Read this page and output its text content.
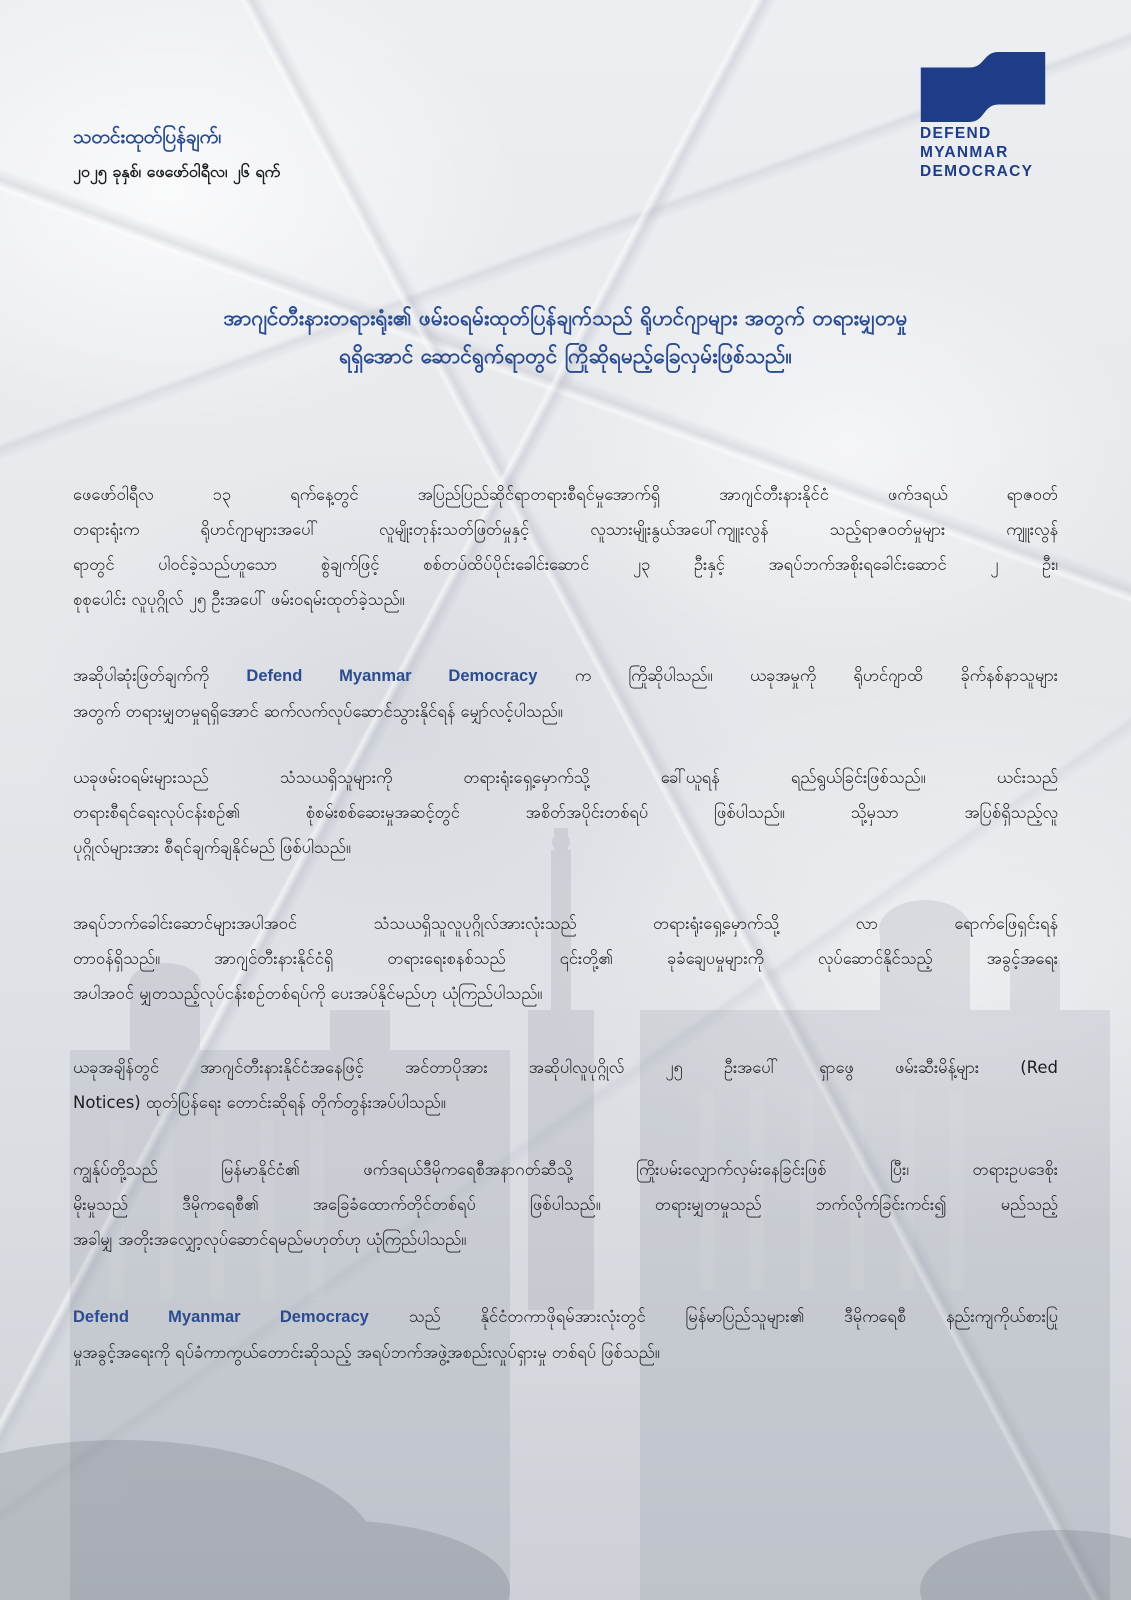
သတင်းထုတ်ပြန်ချက်၊
၂၀၂၅ ခုနှစ်၊ ဖေဖော်ဝါရီလ၊ ၂၆ ရက်
DEFEND
MYANMAR
DEMOCRACY
အာဂျင်တီးနားတရားရုံး၏ ဖမ်းဝရမ်းထုတ်ပြန်ချက်သည် ရိုဟင်ဂျာများ အတွက် တရားမျှတမှု
ရရှိအောင် ဆောင်ရွက်ရာတွင် ကြိုဆိုရမည့်ခြေလှမ်းဖြစ်သည်။
ဖေဖော်ဝါရီလ ၁၃ ရက်နေ့တွင် အပြည်ပြည်ဆိုင်ရာတရားစီရင်မှုအောက်ရှိ အာဂျင်တီးနားနိုင်ငံ ဖက်ဒရယ် ရာဇဝတ်
တရားရုံးက ရိုဟင်ဂျာများအပေါ် လူမျိုးတုန်းသတ်ဖြတ်မှုနှင့် လူသားမျိုးနွယ်အပေါ်ကျူးလွန် သည့်ရာဇဝတ်မှုများ ကျူးလွန်
ရာတွင် ပါဝင်ခဲ့သည်ဟူသော စွဲချက်ဖြင့် စစ်တပ်ထိပ်ပိုင်းခေါင်းဆောင် ၂၃ ဦးနှင့် အရပ်ဘက်အစိုးရခေါင်းဆောင် ၂ ဦး၊
စုစုပေါင်း လူပုဂ္ဂိုလ် ၂၅ ဦးအပေါ် ဖမ်းဝရမ်းထုတ်ခဲ့သည်။
အဆိုပါဆုံးဖြတ်ချက်ကို Defend Myanmar Democracy က ကြိုဆိုပါသည်။ ယခုအမှုကို ရိုဟင်ဂျာထိ ခိုက်နစ်နာသူများ
အတွက် တရားမျှတမှုရရှိအောင် ဆက်လက်လုပ်ဆောင်သွားနိုင်ရန် မျှော်လင့်ပါသည်။
ယခုဖမ်းဝရမ်းများသည် သံသယရှိသူများကို တရားရုံးရှေ့မှောက်သို့ ခေါ်ယူရန် ရည်ရွယ်ခြင်းဖြစ်သည်။ ယင်းသည်
တရားစီရင်ရေးလုပ်ငန်းစဉ်၏ စုံစမ်းစစ်ဆေးမှုအဆင့်တွင် အစိတ်အပိုင်းတစ်ရပ် ဖြစ်ပါသည်။ သို့မှသာ အပြစ်ရှိသည့်လူ
ပုဂ္ဂိုလ်များအား စီရင်ချက်ချနိုင်မည် ဖြစ်ပါသည်။
အရပ်ဘက်ခေါင်းဆောင်များအပါအဝင် သံသယရှိသူလူပုဂ္ဂိုလ်အားလုံးသည် တရားရုံးရှေ့မှောက်သို့ လာ ရောက်ဖြေရှင်းရန်
တာဝန်ရှိသည်။ အာဂျင်တီးနားနိုင်ငံရှိ တရားရေးစနစ်သည် ၎င်းတို့၏ ခုခံချေပမှုများကို လုပ်ဆောင်နိုင်သည့် အခွင့်အရေး
အပါအဝင် မျှတသည့်လုပ်ငန်းစဉ်တစ်ရပ်ကို ပေးအပ်နိုင်မည်ဟု ယုံကြည်ပါသည်။
ယခုအချိန်တွင် အာဂျင်တီးနားနိုင်ငံအနေဖြင့် အင်တာပိုအား အဆိုပါလူပုဂ္ဂိုလ် ၂၅ ဦးအပေါ် ရှာဖွေ ဖမ်းဆီးမိန့်များ (Red
Notices) ထုတ်ပြန်ရေး တောင်းဆိုရန် တိုက်တွန်းအပ်ပါသည်။
ကျွန်ုပ်တို့သည် မြန်မာနိုင်ငံ၏ ဖက်ဒရယ်ဒီမိုကရေစီအနာဂတ်ဆီသို့ ကြိုးပမ်းလျှောက်လှမ်းနေခြင်းဖြစ် ပြီး၊ တရားဥပဒေစိုး
မိုးမှုသည် ဒီမိုကရေစီ၏ အခြေခံထောက်တိုင်တစ်ရပ် ဖြစ်ပါသည်။ တရားမျှတမှုသည် ဘက်လိုက်ခြင်းကင်း၍ မည်သည့်
အခါမျှ အတိုးအလျှော့လုပ်ဆောင်ရမည်မဟုတ်ဟု ယုံကြည်ပါသည်။
Defend Myanmar Democracy သည် နိုင်ငံတကာဖိုရမ်အားလုံးတွင် မြန်မာပြည်သူများ၏ ဒီမိုကရေစီ နည်းကျကိုယ်စားပြု
မှုအခွင့်အရေးကို ရပ်ခံကာကွယ်တောင်းဆိုသည့် အရပ်ဘက်အဖွဲ့အစည်းလှုပ်ရှားမှု တစ်ရပ် ဖြစ်သည်။
